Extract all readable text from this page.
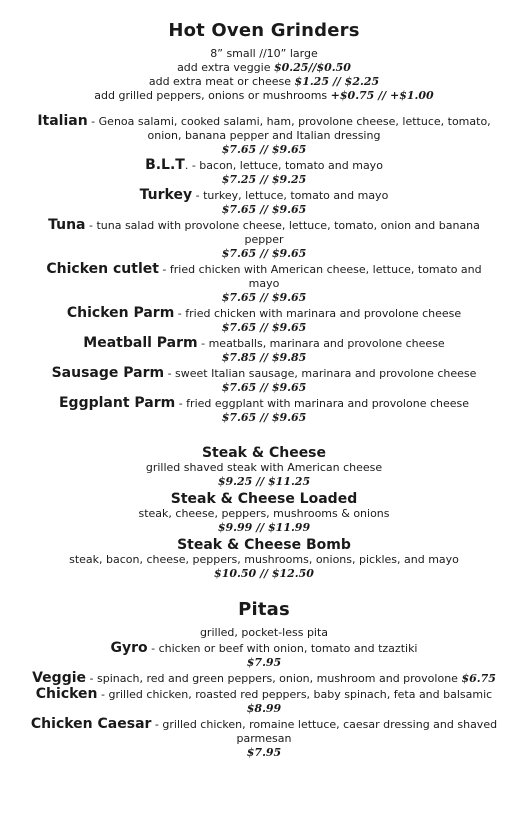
Hot Oven Grinders
8” small //10” large
add extra veggie $0.25//$0.50
add extra meat or cheese $1.25 // $2.25
add grilled peppers, onions or mushrooms +$0.75 // +$1.00
Italian - Genoa salami, cooked salami, ham, provolone cheese, lettuce, tomato, onion, banana pepper and Italian dressing
$7.65 // $9.65
B.L.T. - bacon, lettuce, tomato and mayo
$7.25 // $9.25
Turkey - turkey, lettuce, tomato and mayo
$7.65 // $9.65
Tuna - tuna salad with provolone cheese, lettuce, tomato, onion and banana pepper
$7.65 // $9.65
Chicken cutlet - fried chicken with American cheese, lettuce, tomato and mayo
$7.65 // $9.65
Chicken Parm - fried chicken with marinara and provolone cheese
$7.65 // $9.65
Meatball Parm - meatballs, marinara and provolone cheese
$7.85 // $9.85
Sausage Parm - sweet Italian sausage, marinara and provolone cheese
$7.65 // $9.65
Eggplant Parm - fried eggplant with marinara and provolone cheese
$7.65 // $9.65
Steak & Cheese
grilled shaved steak with American cheese
$9.25 // $11.25
Steak & Cheese Loaded
steak, cheese, peppers, mushrooms & onions
$9.99 // $11.99
Steak & Cheese Bomb
steak, bacon, cheese, peppers, mushrooms, onions, pickles, and mayo
$10.50 // $12.50
Pitas
grilled, pocket-less pita
Gyro - chicken or beef with onion, tomato and tzaztiki
$7.95
Veggie - spinach, red and green peppers, onion, mushroom and provolone $6.75
Chicken - grilled chicken, roasted red peppers, baby spinach, feta and balsamic
$8.99
Chicken Caesar - grilled chicken, romaine lettuce, caesar dressing and shaved parmesan
$7.95
